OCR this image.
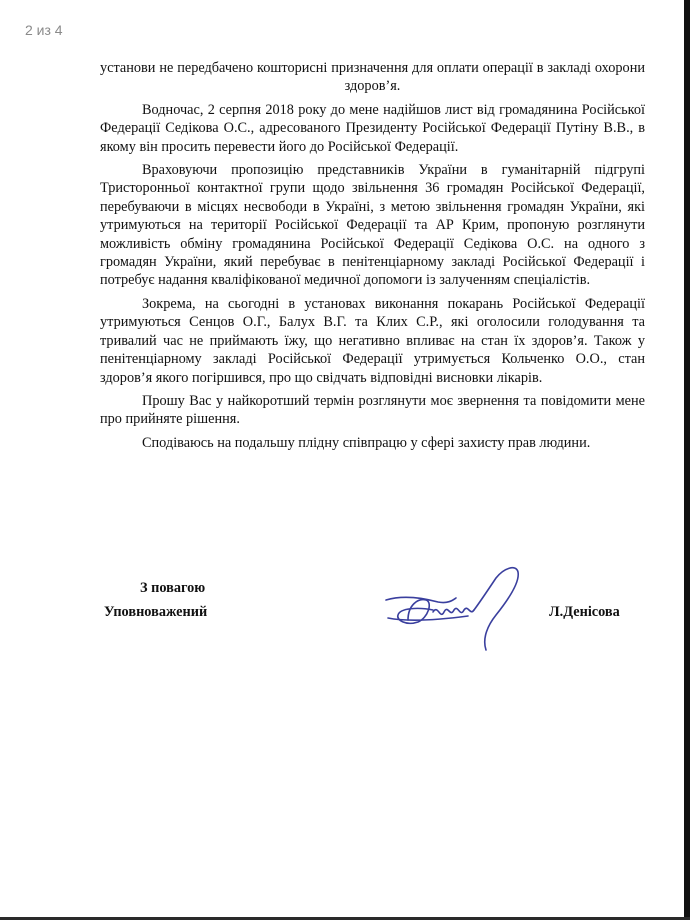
2 из 4

установи не передбачено кошторисні призначення для оплати операції в закладі охорони здоров’я.

Водночас, 2 серпня 2018 року до мене надійшов лист від громадянина Російської Федерації Седікова О.С., адресованого Президенту Російської Федерації Путіну В.В., в якому він просить перевести його до Російської Федерації.

Враховуючи пропозицію представників України в гуманітарній підгрупі Тристоронньої контактної групи щодо звільнення 36 громадян Російської Федерації, перебуваючи в місцях несвободи в Україні, з метою звільнення громадян України, які утримуються на території Російської Федерації та АР Крим, пропоную розглянути можливість обміну громадянина Російської Федерації Седікова О.С. на одного з громадян України, який перебуває в пенітенціарному закладі Російської Федерації і потребує надання кваліфікованої медичної допомоги із залученням спеціалістів.

Зокрема, на сьогодні в установах виконання покарань Російської Федерації утримуються Сенцов О.Г., Балух В.Г. та Клих С.Р., які оголосили голодування та тривалий час не приймають їжу, що негативно впливає на стан їх здоров’я. Також у пенітенціарному закладі Російської Федерації утримується Кольченко О.О., стан здоров’я якого погіршився, про що свідчать відповідні висновки лікарів.

Прошу Вас у найкоротший термін розглянути моє звернення та повідомити мене про прийняте рішення.

Сподіваюсь на подальшу плідну співпрацю у сфері захисту прав людини.

З повагою
Уповноважений	Л.Денісова
